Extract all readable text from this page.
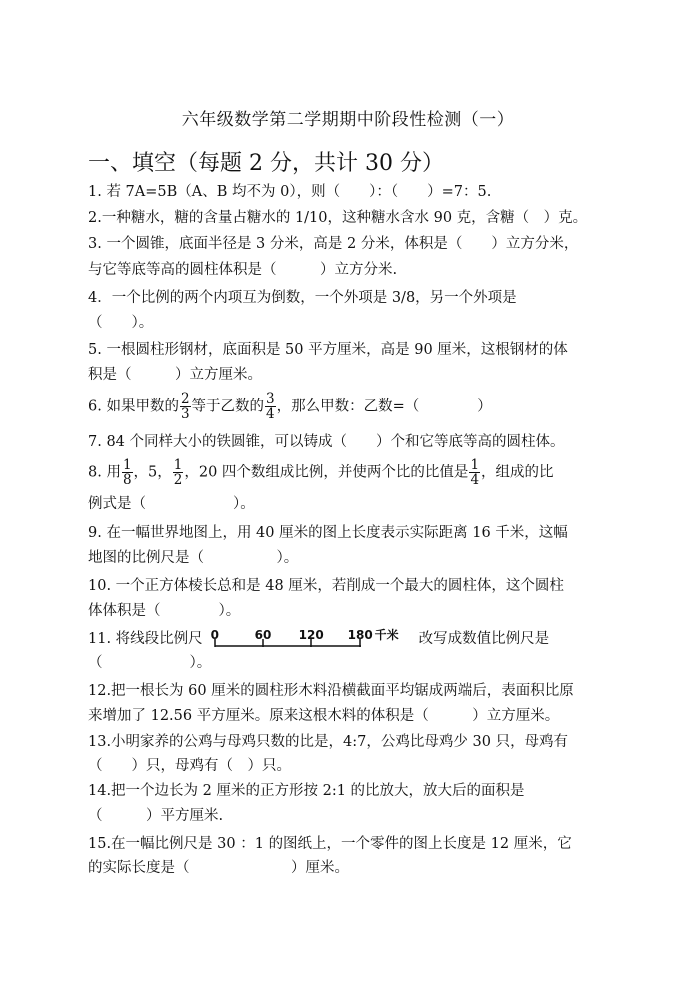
六年级数学第二学期期中阶段性检测（一）
一、填空（每题 2 分，共计 30 分）
1. 若 7A=5B（A、B 均不为 0），则（　　）：（　　）=7：5.
2.一种糖水，糖的含量占糖水的 1/10，这种糖水含水 90 克，含糖（　）克。
3. 一个圆锥，底面半径是 3 分米，高是 2 分米，体积是（　　）立方分米，
与它等底等高的圆柱体积是（　　　）立方分米.
4．一个比例的两个内项互为倒数，一个外项是 3/8，另一个外项是
（　　）。
5. 一根圆柱形钢材，底面积是 50 平方厘米，高是 90 厘米，这根钢材的体
积是（　　　）立方厘米。
6. 如果甲数的 $\frac{2}{3}$ 等于乙数的 $\frac{3}{4}$ ，那么甲数：乙数=（　　　　）
7. 84 个同样大小的铁圆锥，可以铸成（　　）个和它等底等高的圆柱体。
8. 用 $\frac{1}{8}$ ，5， $\frac{1}{2}$ ，20 四个数组成比例，并使两个比的比值是 $\frac{1}{4}$ ，组成的比
例式是（　　　　　　）。
9. 在一幅世界地图上，用 40 厘米的图上长度表示实际距离 16 千米，这幅
地图的比例尺是（　　　　　）。
10. 一个正方体棱长总和是 48 厘米，若削成一个最大的圆柱体，这个圆柱
体体积是（　　　　）。
11. 将线段比例尺 0	60 120 180 千米 改写成数值比例尺是
（　　　　　　）。
12.把一根长为 60 厘米的圆柱形木料沿横截面平均锯成两端后，表面积比原
来增加了 12.56 平方厘米。原来这根木料的体积是（　　　）立方厘米。
13.小明家养的公鸡与母鸡只数的比是，4:7，公鸡比母鸡少 30 只，母鸡有
（　　）只，母鸡有（　）只。
14.把一个边长为 2 厘米的正方形按 2:1 的比放大，放大后的面积是
（　　　）平方厘米.
15.在一幅比例尺是 30 ：1 的图纸上，一个零件的图上长度是 12 厘米，它
的实际长度是（　　　　　　　）厘米。
